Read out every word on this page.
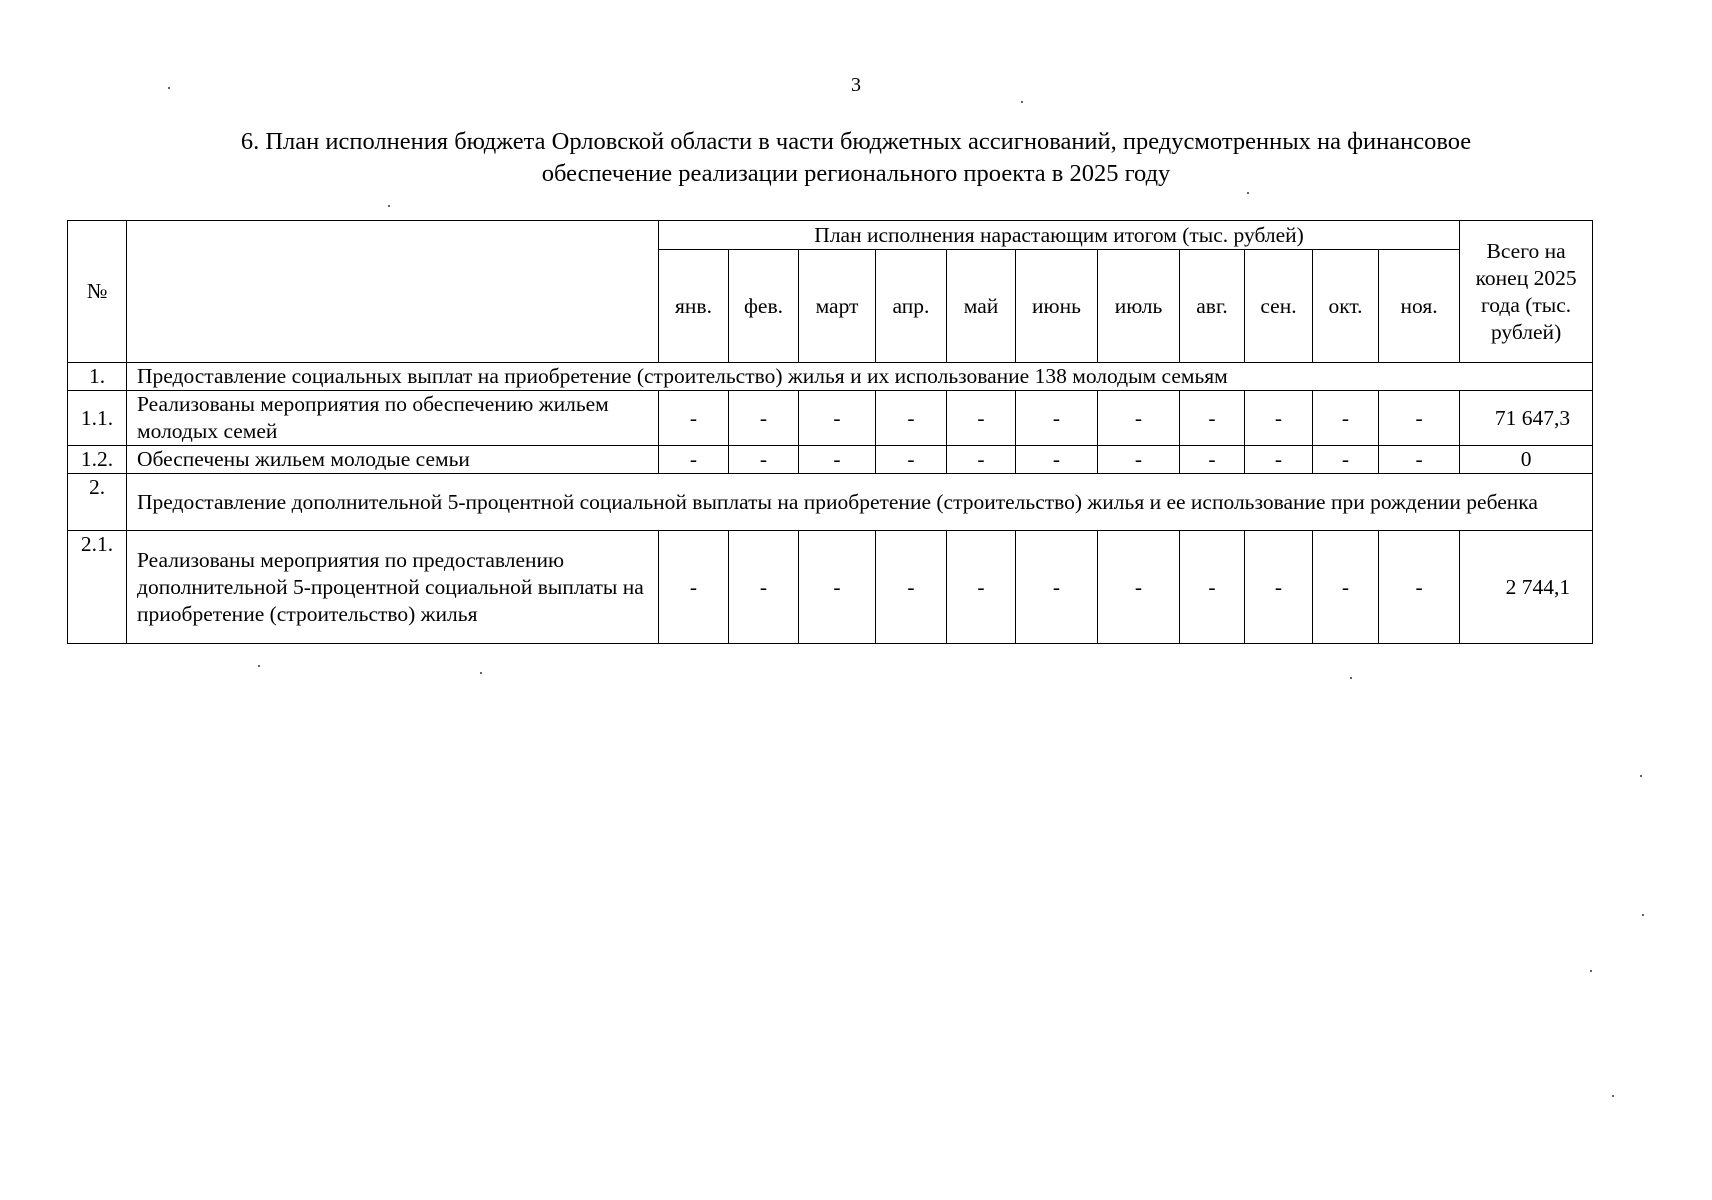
3
6. План исполнения бюджета Орловской области в части бюджетных ассигнований, предусмотренных на финансовое
обеспечение реализации регионального проекта в 2025 году
№		План исполнения нарастающим итогом (тыс. рублей)											Всего на конец 2025 года (тыс. рублей)
		янв.	фев.	март	апр.	май	июнь	июль	авг.	сен.	окт.	ноя.	
1.	Предоставление социальных выплат на приобретение (строительство) жилья и их использование 138 молодым семьям												
1.1.	Реализованы мероприятия по обеспечению жильем молодых семей	-	-	-	-	-	-	-	-	-	-	-	71 647,3
1.2.	Обеспечены жильем молодые семьи	-	-	-	-	-	-	-	-	-	-	-	0
2.	Предоставление дополнительной 5-процентной социальной выплаты на приобретение (строительство) жилья и ее использование при рождении ребенка												
2.1.	Реализованы мероприятия по предоставлению дополнительной 5-процентной социальной выплаты на приобретение (строительство) жилья	-	-	-	-	-	-	-	-	-	-	-	2 744,1
